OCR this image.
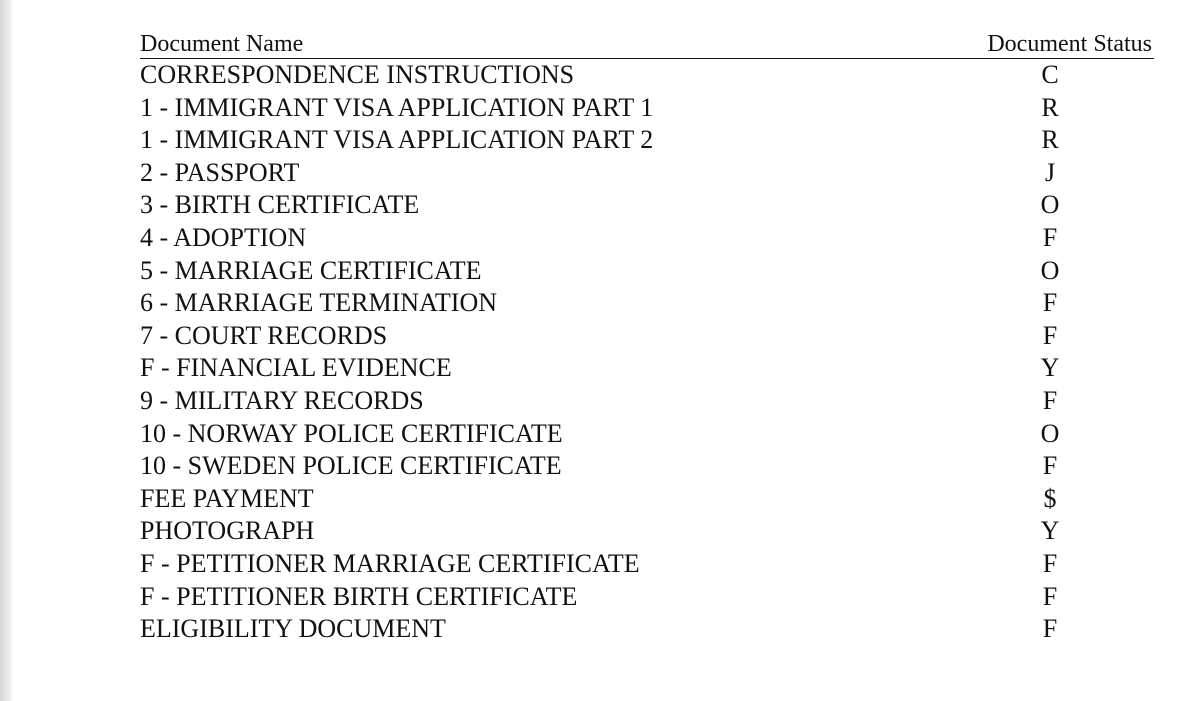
Document Name	Document Status
CORRESPONDENCE INSTRUCTIONS	C
1 - IMMIGRANT VISA APPLICATION PART 1	R
1 - IMMIGRANT VISA APPLICATION PART 2	R
2 - PASSPORT	J
3 - BIRTH CERTIFICATE	O
4 - ADOPTION	F
5 - MARRIAGE CERTIFICATE	O
6 - MARRIAGE TERMINATION	F
7 - COURT RECORDS	F
F - FINANCIAL EVIDENCE	Y
9 - MILITARY RECORDS	F
10 - NORWAY POLICE CERTIFICATE	O
10 - SWEDEN POLICE CERTIFICATE	F
FEE PAYMENT	$
PHOTOGRAPH	Y
F - PETITIONER MARRIAGE CERTIFICATE	F
F - PETITIONER BIRTH CERTIFICATE	F
ELIGIBILITY DOCUMENT	F
